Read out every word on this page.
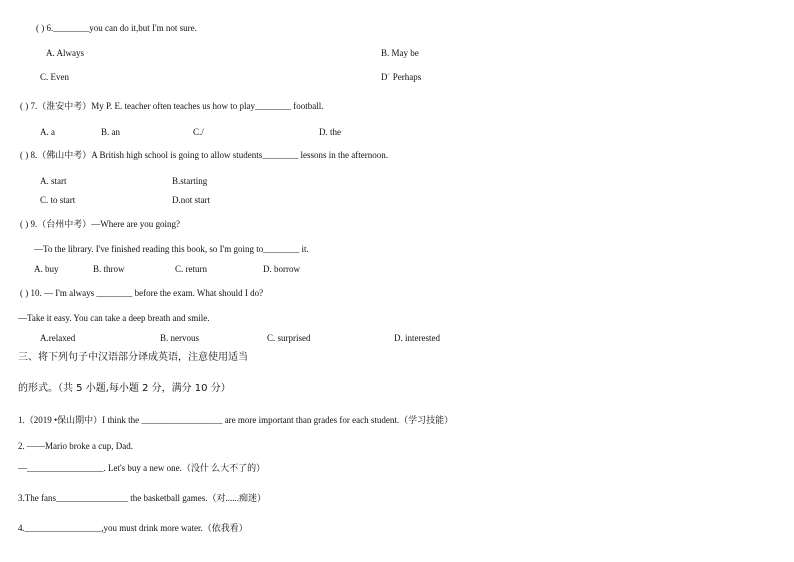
( ) 6.________you can do it,but I'm not sure.
A. Always	B. May be
C. Even	D˙ Perhaps
( ) 7.（淮安中考）My P. E. teacher often teaches us how to play________ football.
A. a	B. an	C./	D. the
( ) 8.（佛山中考）A British high school is going to allow students________ lessons in the afternoon.
A. start	B.starting
C. to start	D.not start
( ) 9.（台州中考）—Where are you going?
—To the library. I've finished reading this book, so I'm going to________ it.
A. buy	B. throw	C. return	D. borrow
( ) 10. — I'm always ________ before the exam. What should I do?
—Take it easy. You can take a deep breath and smile.
A.relaxed	B. nervous	C. surprised	D. interested
三、将下列句子中汉语部分译成英语，注意使用适当
的形式。（共 5 小题,每小题 2 分，满分 10 分）
1.（2019 •保山期中）I think the __________________ are more important than grades for each student.（学习技能）
2. ——Mario broke a cup, Dad.
—_________________. Let's buy a new one.（没什 么大不了的）
3.The fans________________ the basketball games.（对......痴迷）
4._________________,you must drink more water.（依我看）
